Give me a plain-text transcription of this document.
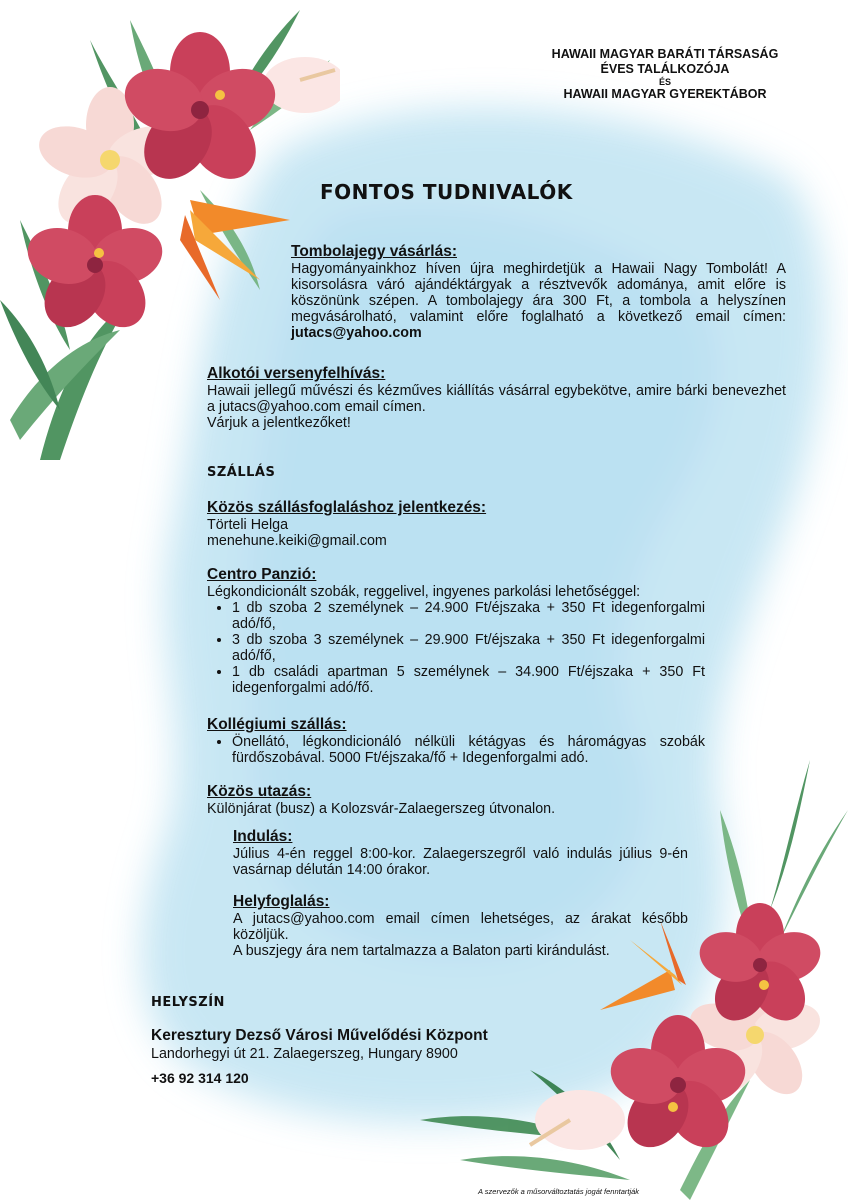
HAWAII MAGYAR BARÁTI TÁRSASÁG
ÉVES TALÁLKOZÓJA
ÉS
HAWAII MAGYAR GYEREKTÁBOR
FONTOS TUDNIVALÓK
Tombolajegy vásárlás:

Hagyományainkhoz híven újra meghirdetjük a Hawaii Nagy Tombolát! A kisorsolásra váró ajándéktárgyak a résztvevők adománya, amit előre is köszönünk szépen. A tombolajegy ára 300 Ft, a tombola a helyszínen megvásárolható, valamint előre foglalható a következő email címen: jutacs@yahoo.com

Alkotói versenyfelhívás:

Hawaii jellegű művészi és kézműves kiállítás vásárral egybekötve, amire bárki benevezhet a jutacs@yahoo.com email címen.

Várjuk a jelentkezőket!

SZÁLLÁS
Közös szállásfoglaláshoz jelentkezés:

Törteli Helga

menehune.keiki@gmail.com

Centro Panzió:

Légkondicionált szobák, reggelivel, ingyenes parkolási lehetőséggel:

• 1 db szoba 2 személynek – 24.900 Ft/éjszaka + 350 Ft idegenforgalmi adó/fő,
• 3 db szoba 3 személynek – 29.900 Ft/éjszaka + 350 Ft idegenforgalmi adó/fő,
• 1 db családi apartman 5 személynek – 34.900 Ft/éjszaka + 350 Ft idegenforgalmi adó/fő.
Kollégiumi szállás:
• Önellátó, légkondicionáló nélküli kétágyas és háromágyas szobák fürdőszobával. 5000 Ft/éjszaka/fő + Idegenforgalmi adó.
Közös utazás:

Különjárat (busz) a Kolozsvár-Zalaegerszeg útvonalon.

Indulás:

Július 4-én reggel 8:00-kor. Zalaegerszegről való indulás július 9-én vasárnap délután 14:00 órakor.

Helyfoglalás:

A jutacs@yahoo.com email címen lehetséges, az árakat később közöljük.

A buszjegy ára nem tartalmazza a Balaton parti kirándulást.

HELYSZÍN
Keresztury Dezső Városi Művelődési Központ
Landorhegyi út 21. Zalaegerszeg, Hungary 8900
+36 92 314 120
A szervezők a műsorváltoztatás jogát fenntartják
